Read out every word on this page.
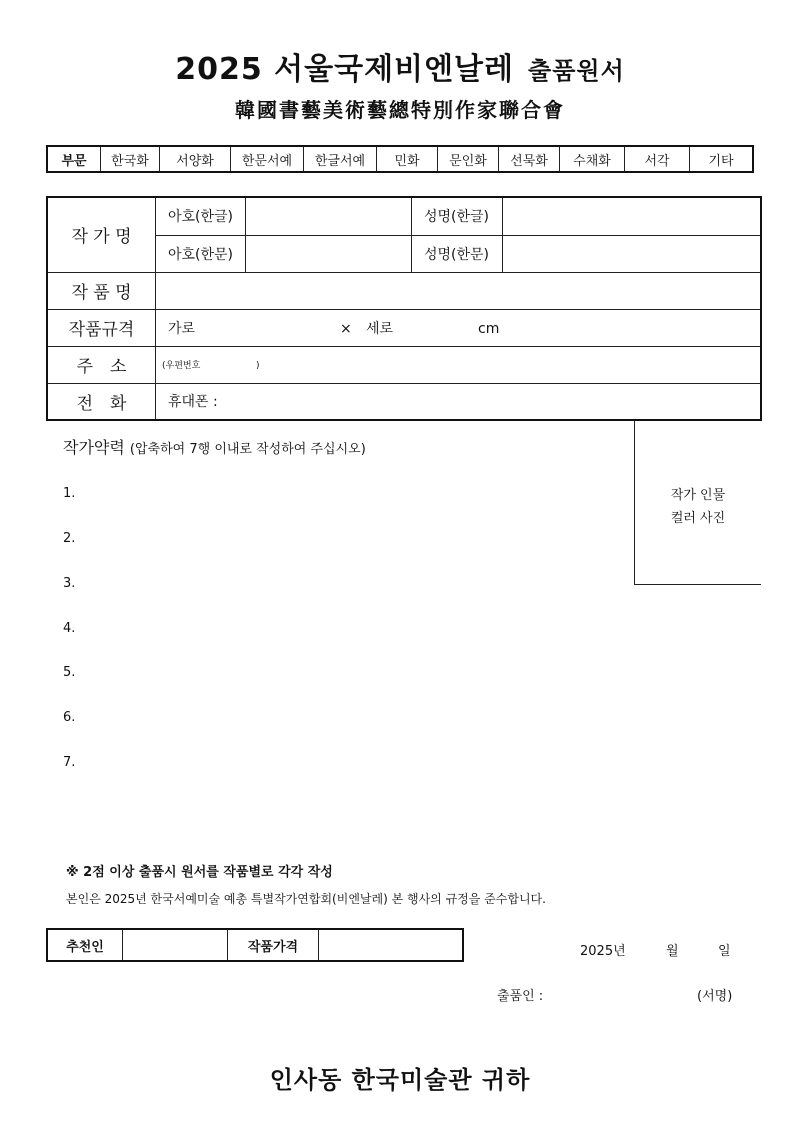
2025 서울국제비엔날레 출품원서
韓國書藝美術藝總特別作家聯合會
부문	한국화	서양화	한문서예	한글서예	민화	문인화	선묵화	수채화	서각	기타
작 가 명	아호(한글)		성명(한글)	
	아호(한문)		성명(한문)	
작 품 명				
작품규격	가로 × 세로 cm			
주　소	(우편번호 )			
전　화	휴대폰 :			
작가약력 (압축하여 7행 이내로 작성하여 주십시오)
1.
2.
3.
4.
5.
6.
7.
작가 인물
컬러 사진
※ 2점 이상 출품시 원서를 작품별로 각각 작성
본인은 2025년 한국서예미술 예총 특별작가연합회(비엔날레) 본 행사의 규정을 준수합니다.
추천인		작품가격		2025년	월	일
출품인 :	(서명)
인사동 한국미술관 귀하
